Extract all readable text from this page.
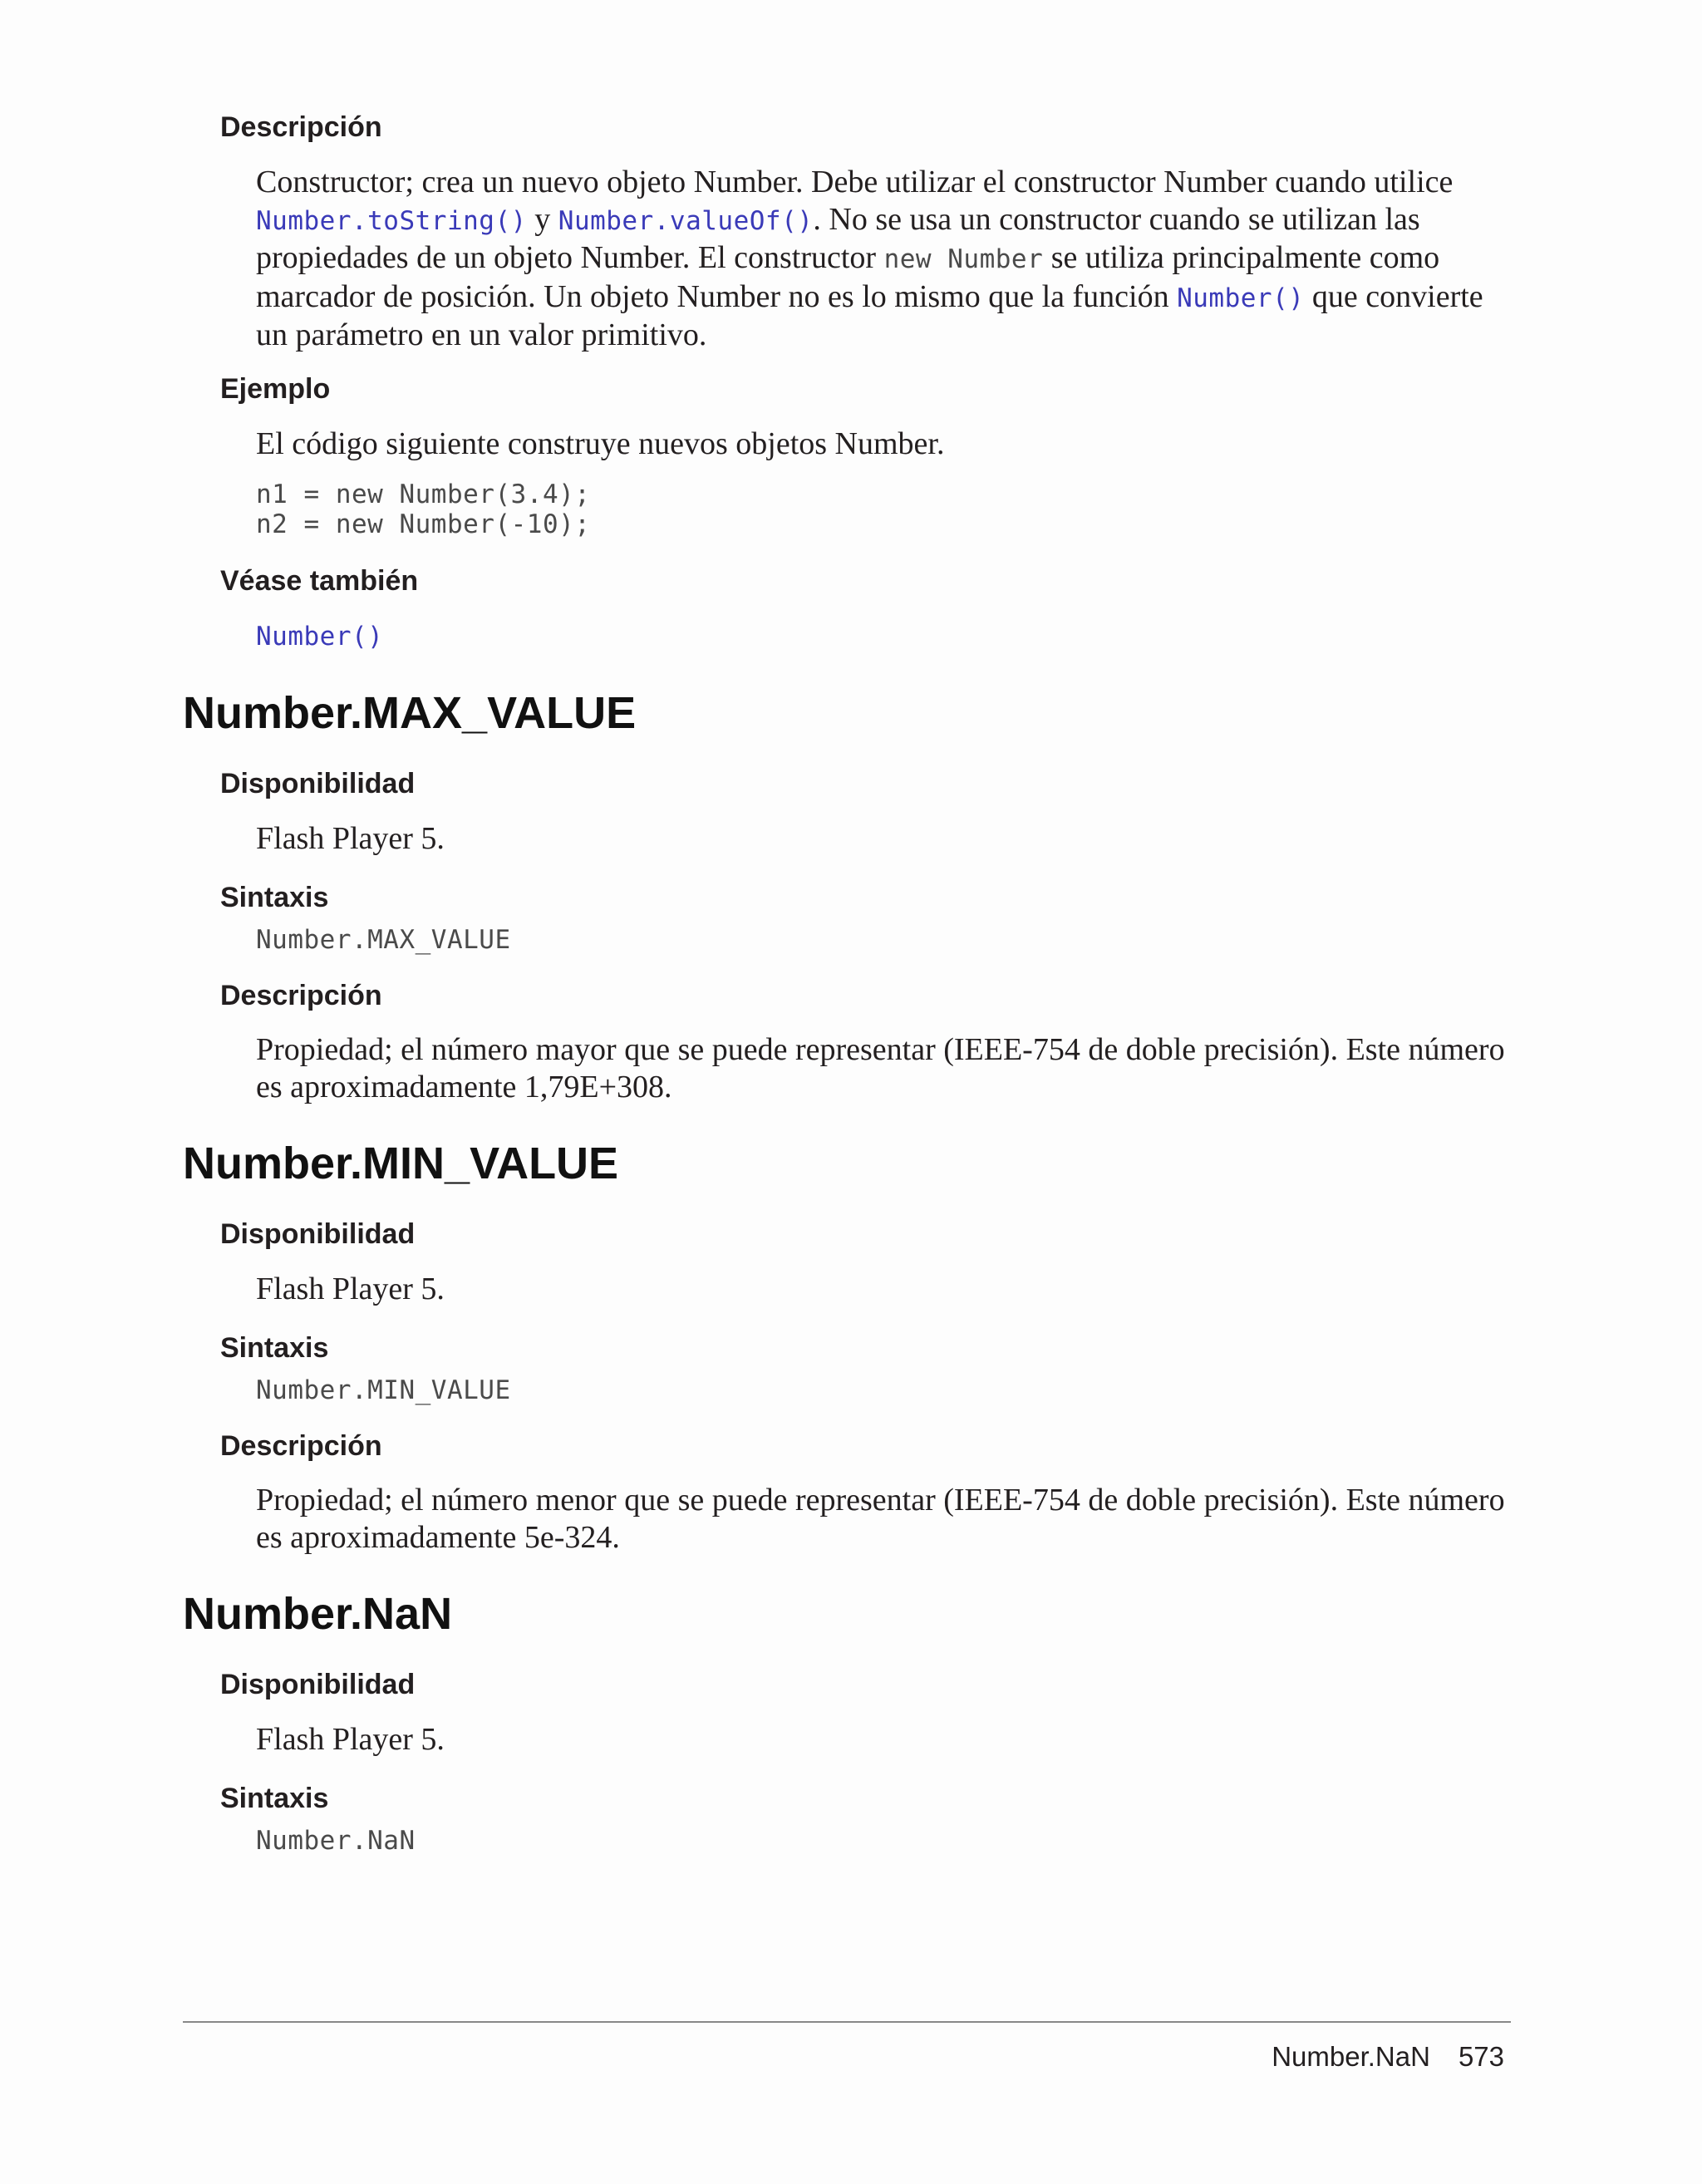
Descripción

Constructor; crea un nuevo objeto Number. Debe utilizar el constructor Number cuando utilice Number.toString() y Number.valueOf(). No se usa un constructor cuando se utilizan las propiedades de un objeto Number. El constructor new Number se utiliza principalmente como marcador de posición. Un objeto Number no es lo mismo que la función Number() que convierte un parámetro en un valor primitivo.

Ejemplo

El código siguiente construye nuevos objetos Number.

n1 = new Number(3.4);
n2 = new Number(-10);
Véase también
Number()
Number.MAX_VALUE
Disponibilidad

Flash Player 5.

Sintaxis
Number.MAX_VALUE
Descripción

Propiedad; el número mayor que se puede representar (IEEE-754 de doble precisión). Este número es aproximadamente 1,79E+308.

Number.MIN_VALUE
Disponibilidad

Flash Player 5.

Sintaxis
Number.MIN_VALUE
Descripción

Propiedad; el número menor que se puede representar (IEEE-754 de doble precisión). Este número es aproximadamente 5e-324.

Number.NaN
Disponibilidad

Flash Player 5.

Sintaxis
Number.NaN
Number.NaN 573
